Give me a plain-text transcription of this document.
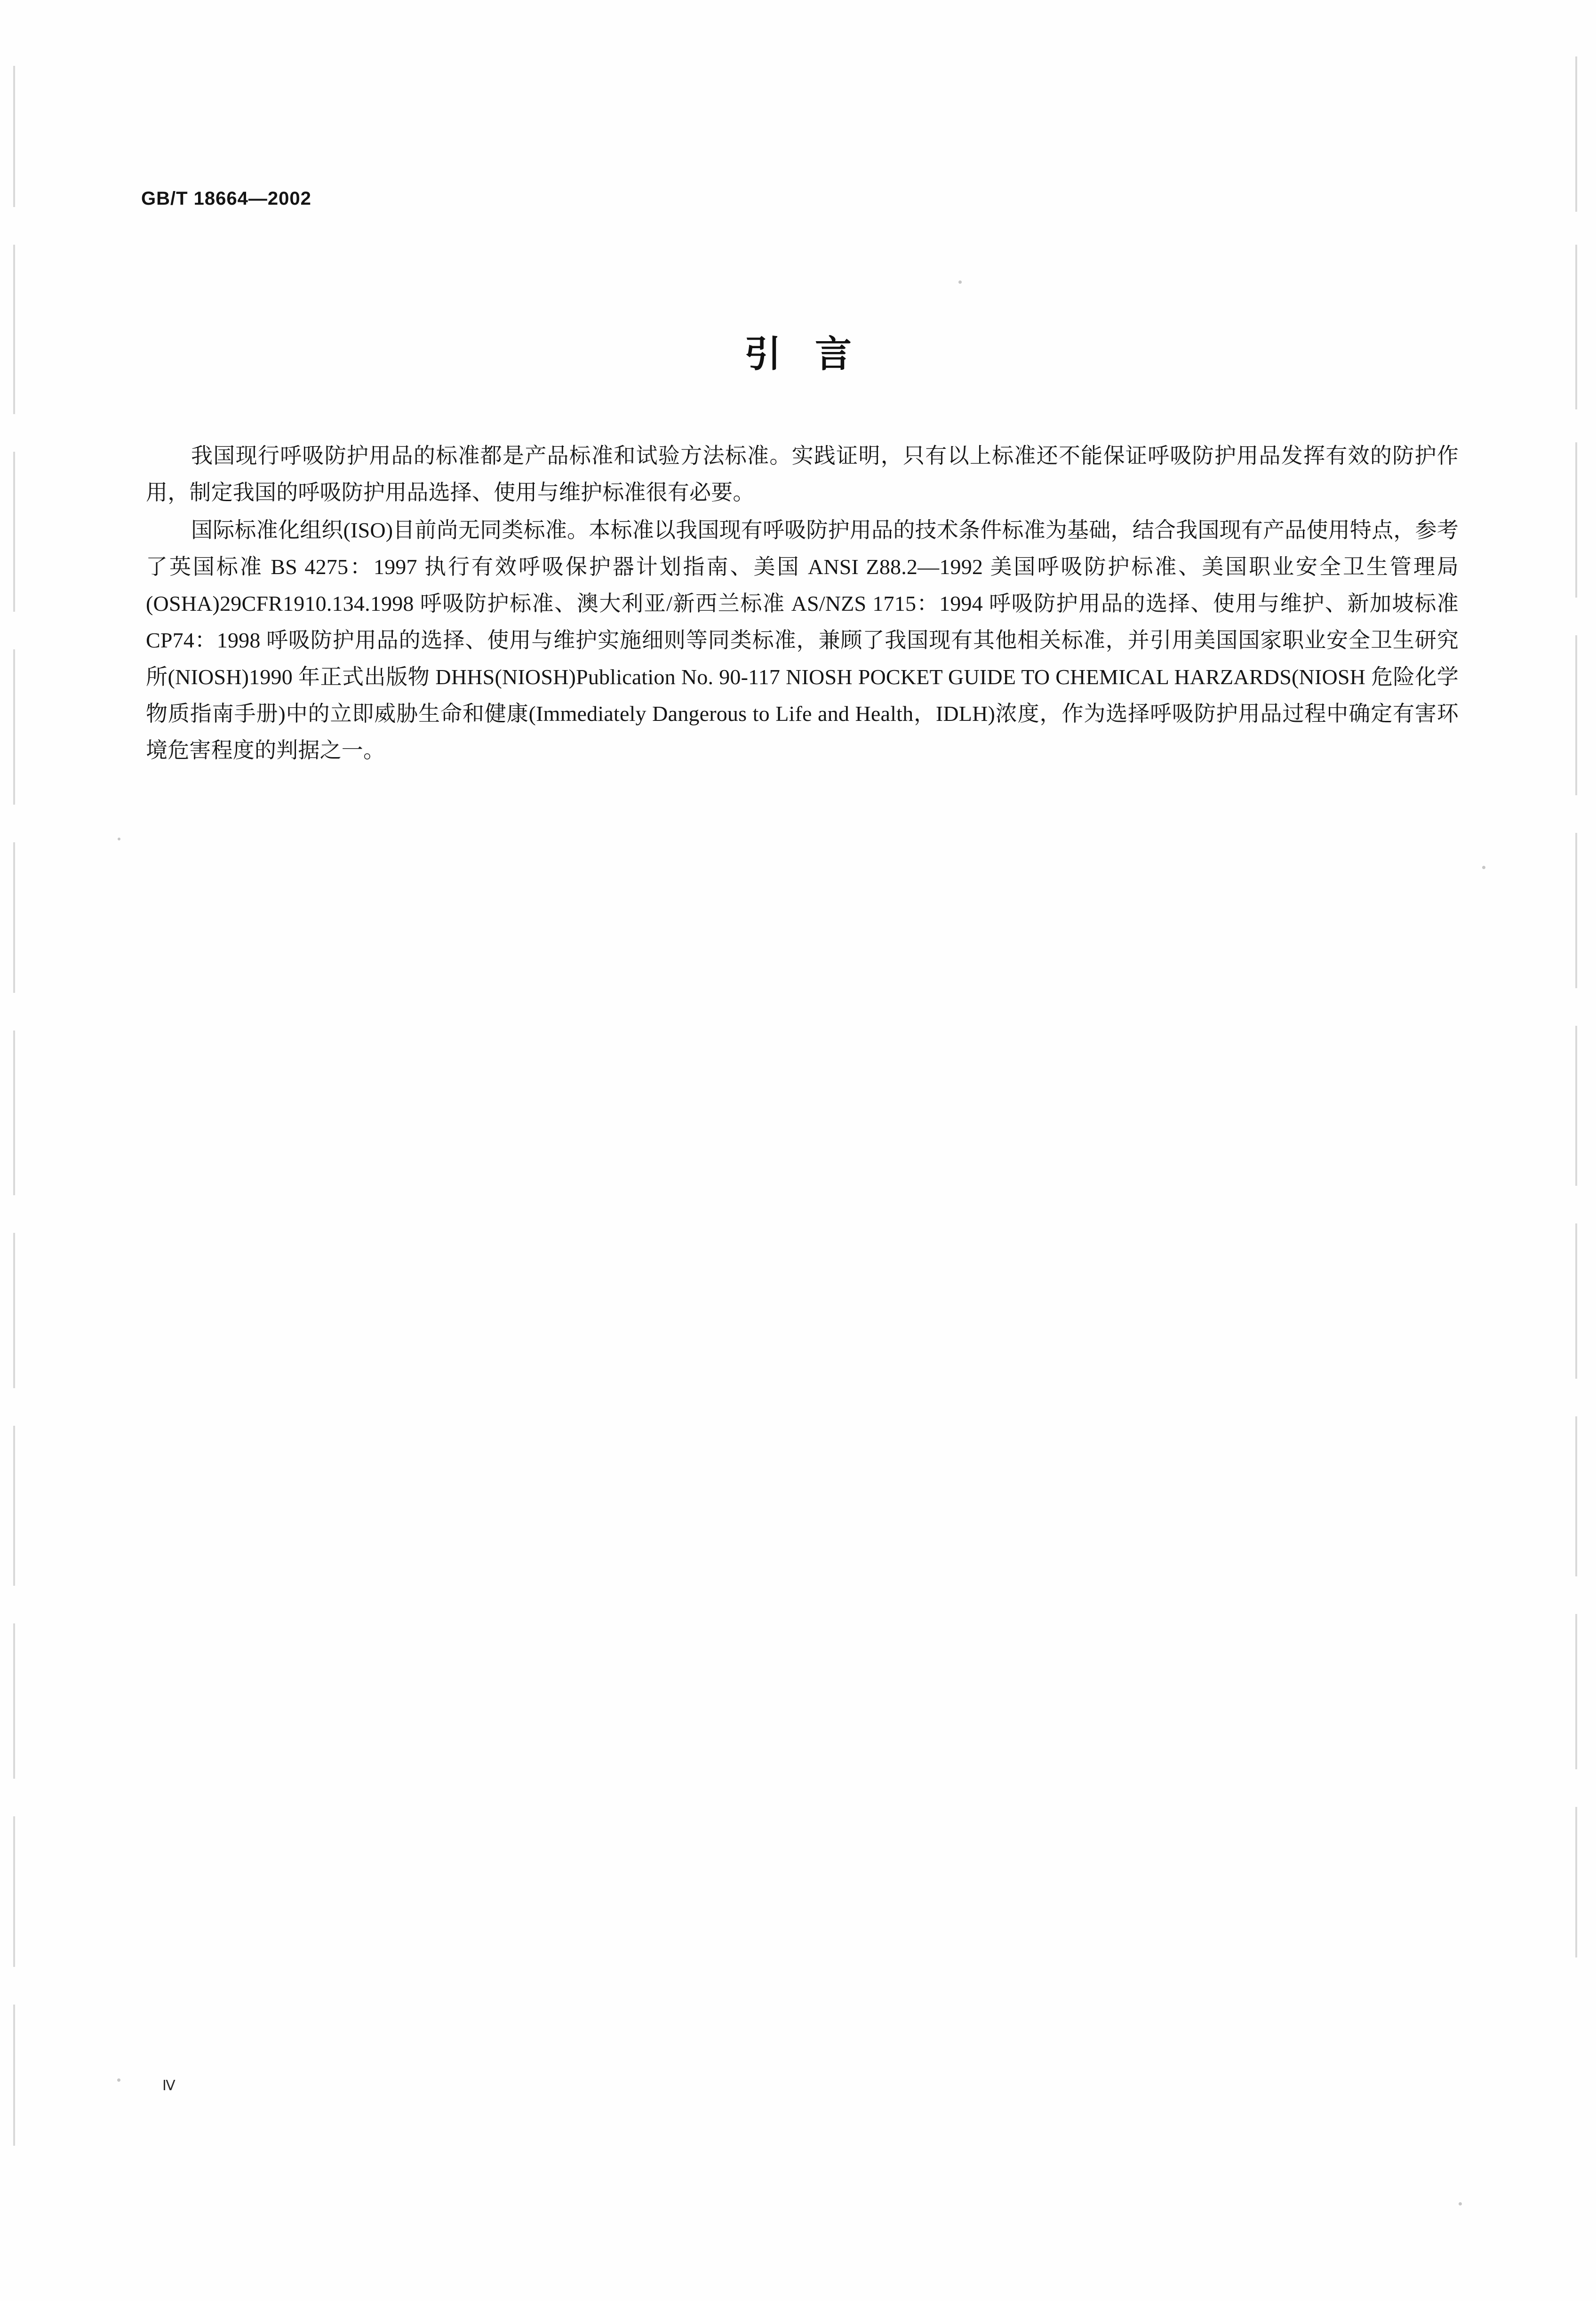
GB/T 18664—2002
引 言

我国现行呼吸防护用品的标准都是产品标准和试验方法标准。实践证明，只有以上标准还不能保证呼吸防护用品发挥有效的防护作用，制定我国的呼吸防护用品选择、使用与维护标准很有必要。

国际标准化组织(ISO)目前尚无同类标准。本标准以我国现有呼吸防护用品的技术条件标准为基础，结合我国现有产品使用特点，参考了英国标准 BS 4275：1997 执行有效呼吸保护器计划指南、美国 ANSI Z88.2—1992 美国呼吸防护标准、美国职业安全卫生管理局(OSHA)29CFR1910.134.1998 呼吸防护标准、澳大利亚/新西兰标准 AS/NZS 1715：1994 呼吸防护用品的选择、使用与维护、新加坡标准 CP74：1998 呼吸防护用品的选择、使用与维护实施细则等同类标准，兼顾了我国现有其他相关标准，并引用美国国家职业安全卫生研究所(NIOSH)1990 年正式出版物 DHHS(NIOSH)Publication No. 90-117 NIOSH POCKET GUIDE TO CHEMICAL HARZARDS(NIOSH 危险化学物质指南手册)中的立即威胁生命和健康(Immediately Dangerous to Life and Health，IDLH)浓度，作为选择呼吸防护用品过程中确定有害环境危害程度的判据之一。

Ⅳ
